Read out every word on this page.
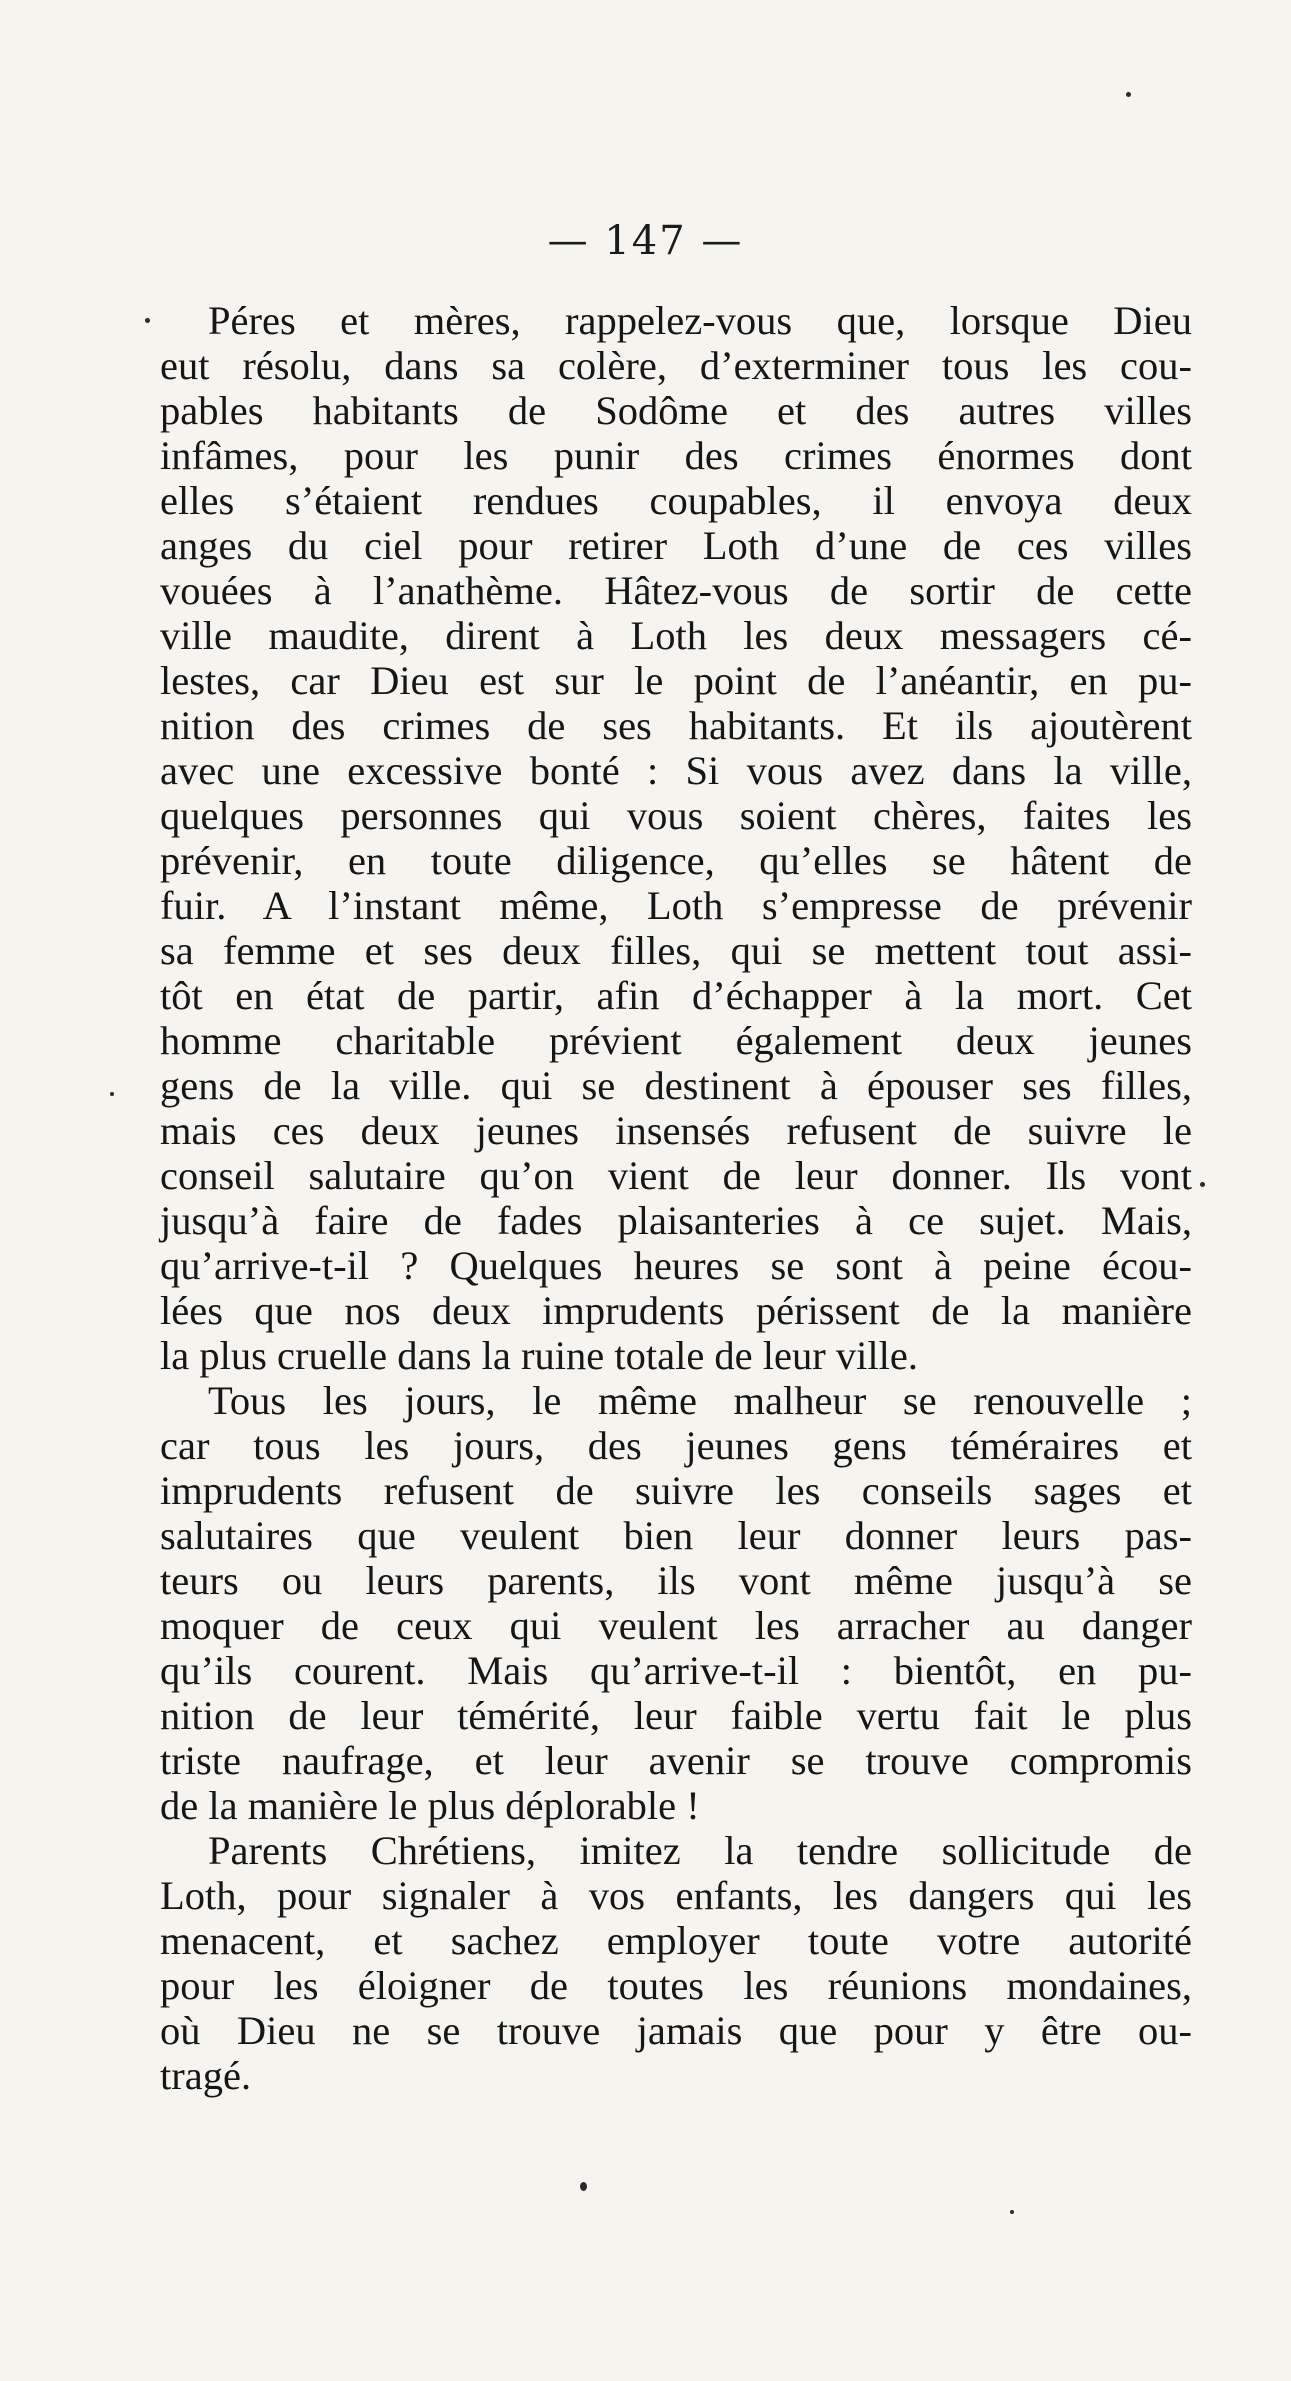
— 147 —
Péres et mères, rappelez-vous que, lorsque Dieu
eut résolu, dans sa colère, d’exterminer tous les cou-
pables habitants de Sodôme et des autres villes
infâmes, pour les punir des crimes énormes dont
elles s’étaient rendues coupables, il envoya deux
anges du ciel pour retirer Loth d’une de ces villes
vouées à l’anathème. Hâtez-vous de sortir de cette
ville maudite, dirent à Loth les deux messagers cé-
lestes, car Dieu est sur le point de l’anéantir, en pu-
nition des crimes de ses habitants. Et ils ajoutèrent
avec une excessive bonté : Si vous avez dans la ville,
quelques personnes qui vous soient chères, faites les
prévenir, en toute diligence, qu’elles se hâtent de
fuir. A l’instant même, Loth s’empresse de prévenir
sa femme et ses deux filles, qui se mettent tout assi-
tôt en état de partir, afin d’échapper à la mort. Cet
homme charitable prévient également deux jeunes
gens de la ville. qui se destinent à épouser ses filles,
mais ces deux jeunes insensés refusent de suivre le
conseil salutaire qu’on vient de leur donner. Ils vont
jusqu’à faire de fades plaisanteries à ce sujet. Mais,
qu’arrive-t-il ? Quelques heures se sont à peine écou-
lées que nos deux imprudents périssent de la manière
la plus cruelle dans la ruine totale de leur ville.
Tous les jours, le même malheur se renouvelle ;
car tous les jours, des jeunes gens téméraires et
imprudents refusent de suivre les conseils sages et
salutaires que veulent bien leur donner leurs pas-
teurs ou leurs parents, ils vont même jusqu’à se
moquer de ceux qui veulent les arracher au danger
qu’ils courent. Mais qu’arrive-t-il : bientôt, en pu-
nition de leur témérité, leur faible vertu fait le plus
triste naufrage, et leur avenir se trouve compromis
de la manière le plus déplorable !
Parents Chrétiens, imitez la tendre sollicitude de
Loth, pour signaler à vos enfants, les dangers qui les
menacent, et sachez employer toute votre autorité
pour les éloigner de toutes les réunions mondaines,
où Dieu ne se trouve jamais que pour y être ou-
tragé.
